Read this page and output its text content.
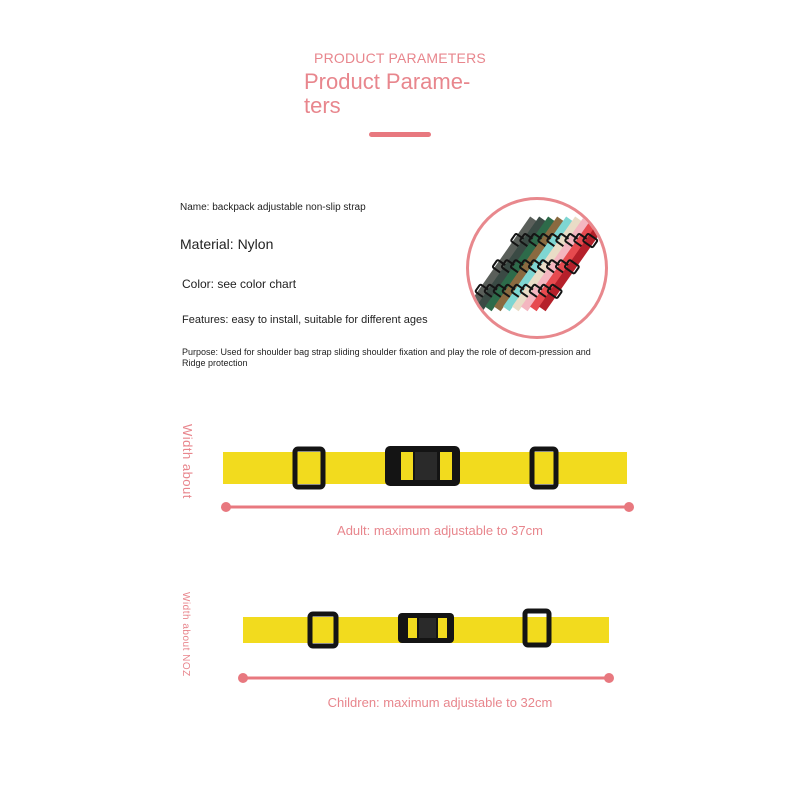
PRODUCT PARAMETERS
Product Parame-
ters
Name: backpack adjustable non-slip strap
Material: Nylon
Color: see color chart
Features: easy to install, suitable for different ages
Purpose: Used for shoulder bag strap sliding shoulder fixation and play the role of decom-pression and Ridge protection
Width about
Adult: maximum adjustable to 37cm
Width about NOZ
Children: maximum adjustable to 32cm
